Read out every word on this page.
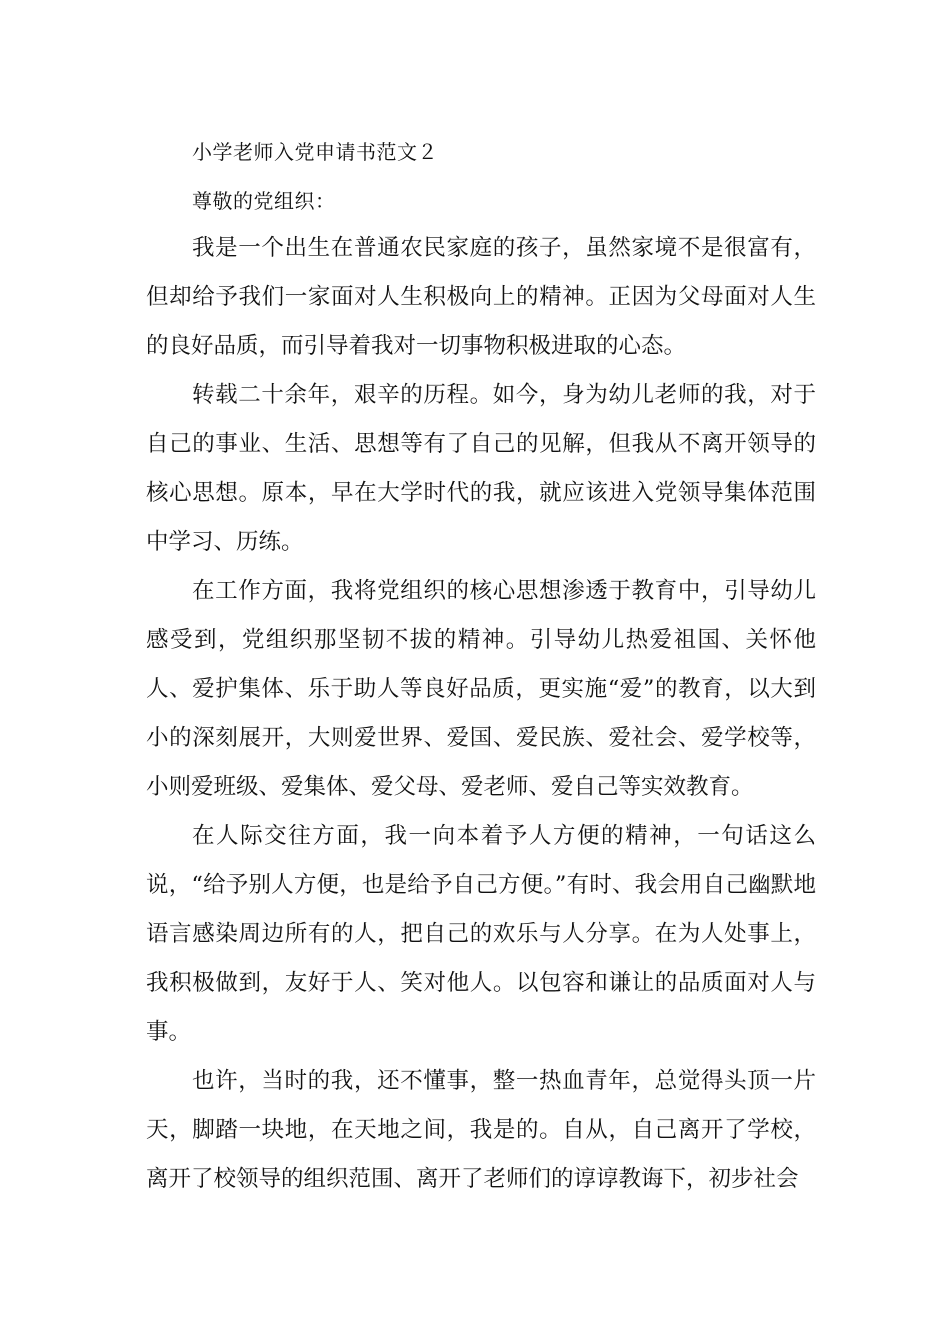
小学老师入党申请书范文２
尊敬的党组织：

我是一个出生在普通农民家庭的孩子，虽然家境不是很富有，但却给予我们一家面对人生积极向上的精神。正因为父母面对人生的良好品质，而引导着我对一切事物积极进取的心态。

转载二十余年，艰辛的历程。如今，身为幼儿老师的我，对于自己的事业、生活、思想等有了自己的见解，但我从不离开领导的核心思想。原本，早在大学时代的我，就应该进入党领导集体范围中学习、历练。

在工作方面，我将党组织的核心思想渗透于教育中，引导幼儿感受到，党组织那坚韧不拔的精神。引导幼儿热爱祖国、关怀他人、爱护集体、乐于助人等良好品质，更实施“爱”的教育，以大到小的深刻展开，大则爱世界、爱国、爱民族、爱社会、爱学校等，小则爱班级、爱集体、爱父母、爱老师、爱自己等实效教育。

在人际交往方面，我一向本着予人方便的精神，一句话这么说，“给予别人方便，也是给予自己方便。”有时、我会用自己幽默地语言感染周边所有的人，把自己的欢乐与人分享。在为人处事上，我积极做到，友好于人、笑对他人。以包容和谦让的品质面对人与事。

也许，当时的我，还不懂事，整一热血青年，总觉得头顶一片天，脚踏一块地，在天地之间，我是的。自从，自己离开了学校，离开了校领导的组织范围、离开了老师们的谆谆教诲下，初步社会
